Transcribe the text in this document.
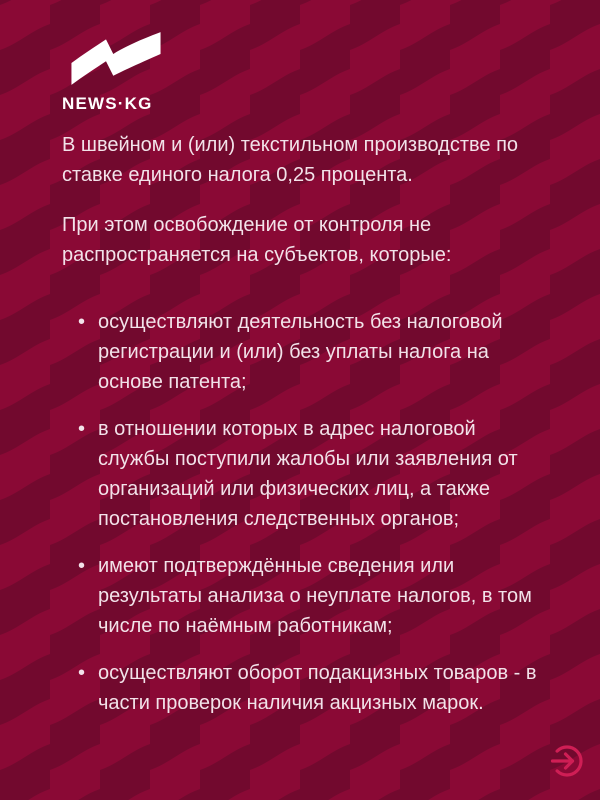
NEWS·KG

В швейном и (или) текстильном производстве по ставке единого налога 0,25 процента.

При этом освобождение от контроля не распространяется на субъектов, которые:

• осуществляют деятельность без налоговой регистрации и (или) без уплаты налога на основе патента;
• в отношении которых в адрес налоговой службы поступили жалобы или заявления от организаций или физических лиц, а также постановления следственных органов;
• имеют подтверждённые сведения или результаты анализа о неуплате налогов, в том числе по наёмным работникам;
• осуществляют оборот подакцизных товаров - в части проверок наличия акцизных марок.
